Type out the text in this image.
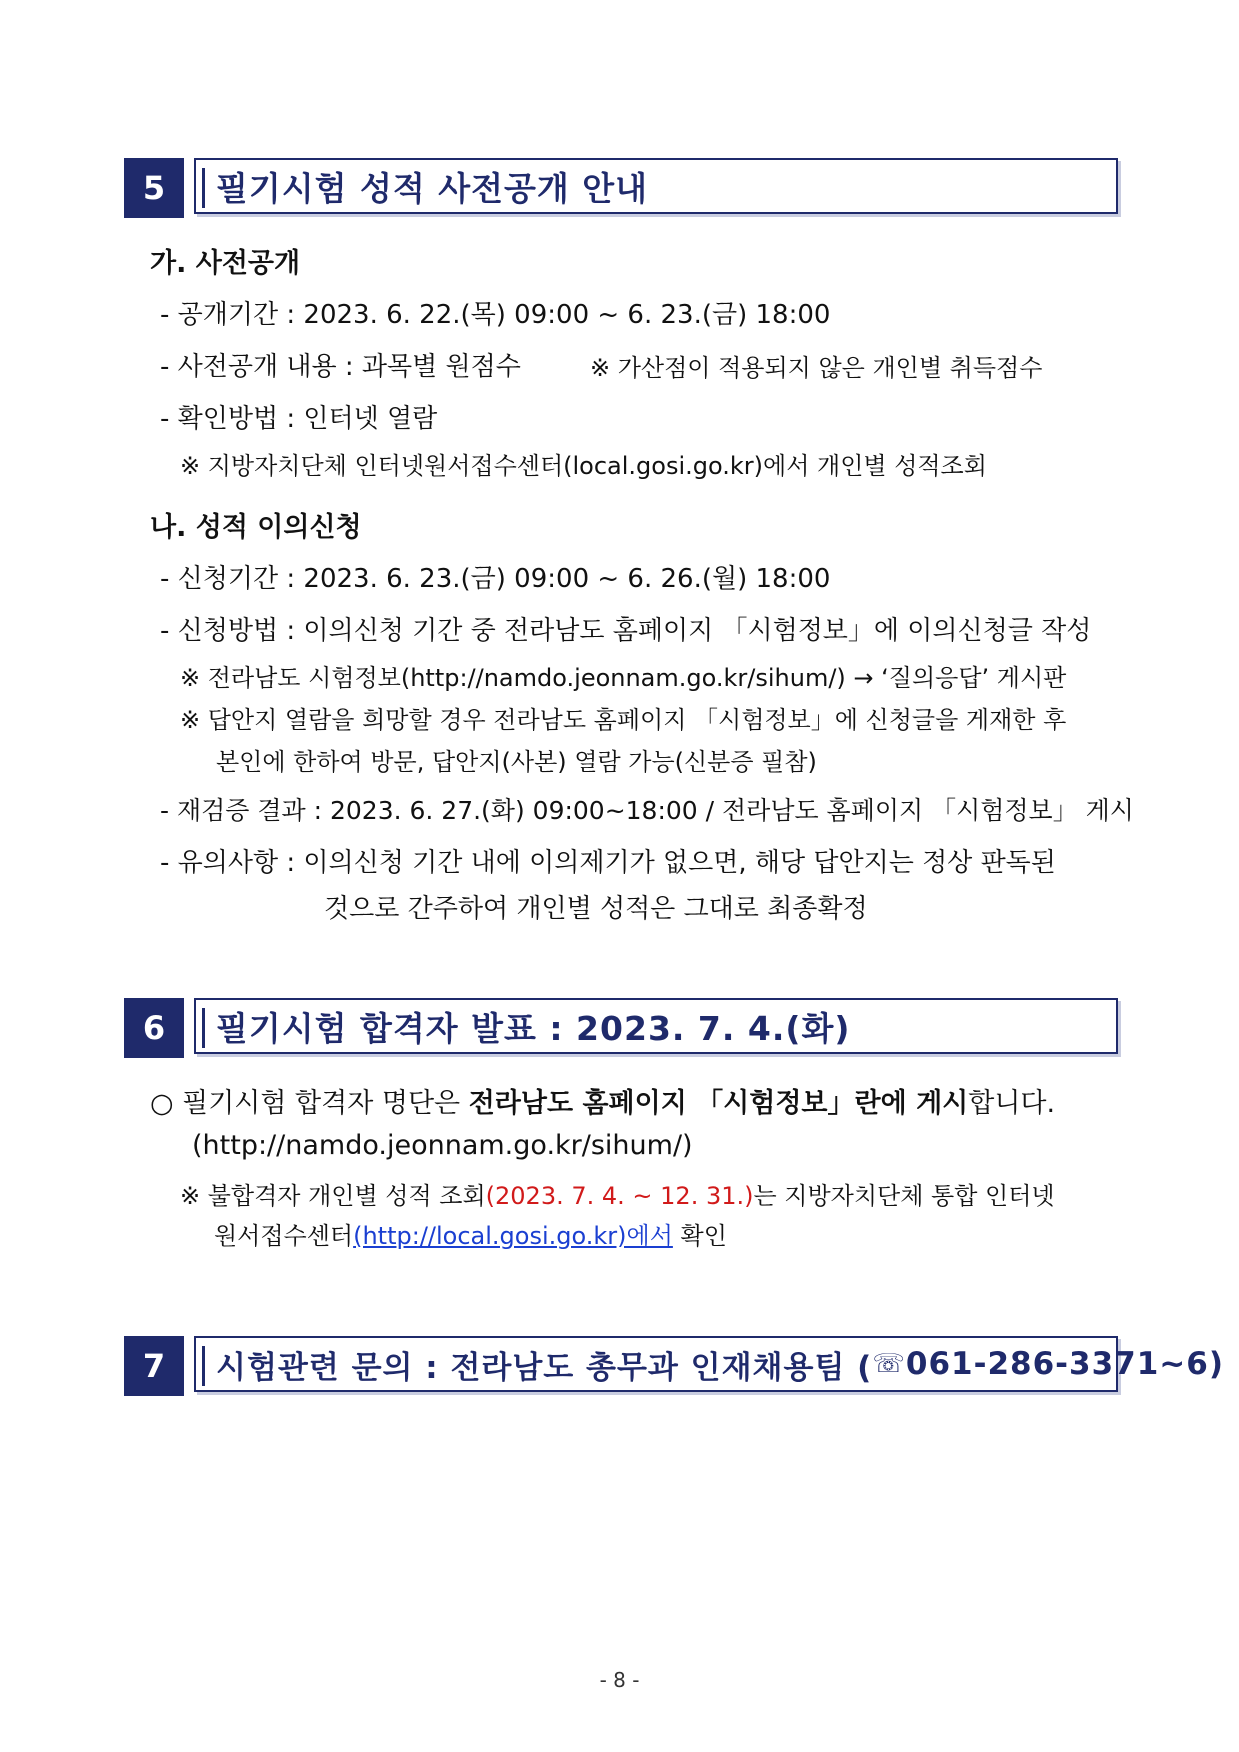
5	필기시험 성적 사전공개 안내
가. 사전공개
- 공개기간 : 2023. 6. 22.(목) 09:00 ~ 6. 23.(금) 18:00
- 사전공개 내용 : 과목별 원점수	※ 가산점이 적용되지 않은 개인별 취득점수
- 확인방법 : 인터넷 열람
※ 지방자치단체 인터넷원서접수센터(local.gosi.go.kr)에서 개인별 성적조회
나. 성적 이의신청
- 신청기간 : 2023. 6. 23.(금) 09:00 ~ 6. 26.(월) 18:00
- 신청방법 : 이의신청 기간 중 전라남도 홈페이지 「시험정보」에 이의신청글 작성
※ 전라남도 시험정보(http://namdo.jeonnam.go.kr/sihum/) → ‘질의응답’ 게시판
※ 답안지 열람을 희망할 경우 전라남도 홈페이지 「시험정보」에 신청글을 게재한 후
본인에 한하여 방문, 답안지(사본) 열람 가능(신분증 필참)
- 재검증 결과 : 2023. 6. 27.(화) 09:00~18:00 / 전라남도 홈페이지 「시험정보」 게시
- 유의사항 : 이의신청 기간 내에 이의제기가 없으면, 해당 답안지는 정상 판독된
것으로 간주하여 개인별 성적은 그대로 최종확정
6	필기시험 합격자 발표 : 2023. 7. 4.(화)
○ 필기시험 합격자 명단은 전라남도 홈페이지 「시험정보」란에 게시합니다.
(http://namdo.jeonnam.go.kr/sihum/)
※ 불합격자 개인별 성적 조회(2023. 7. 4. ~ 12. 31.)는 지방자치단체 통합 인터넷
원서접수센터(http://local.gosi.go.kr)에서 확인
7	시험관련 문의 : 전라남도 총무과 인재채용팀 ( ☏ 061-286-3371~6)
- 8 -
